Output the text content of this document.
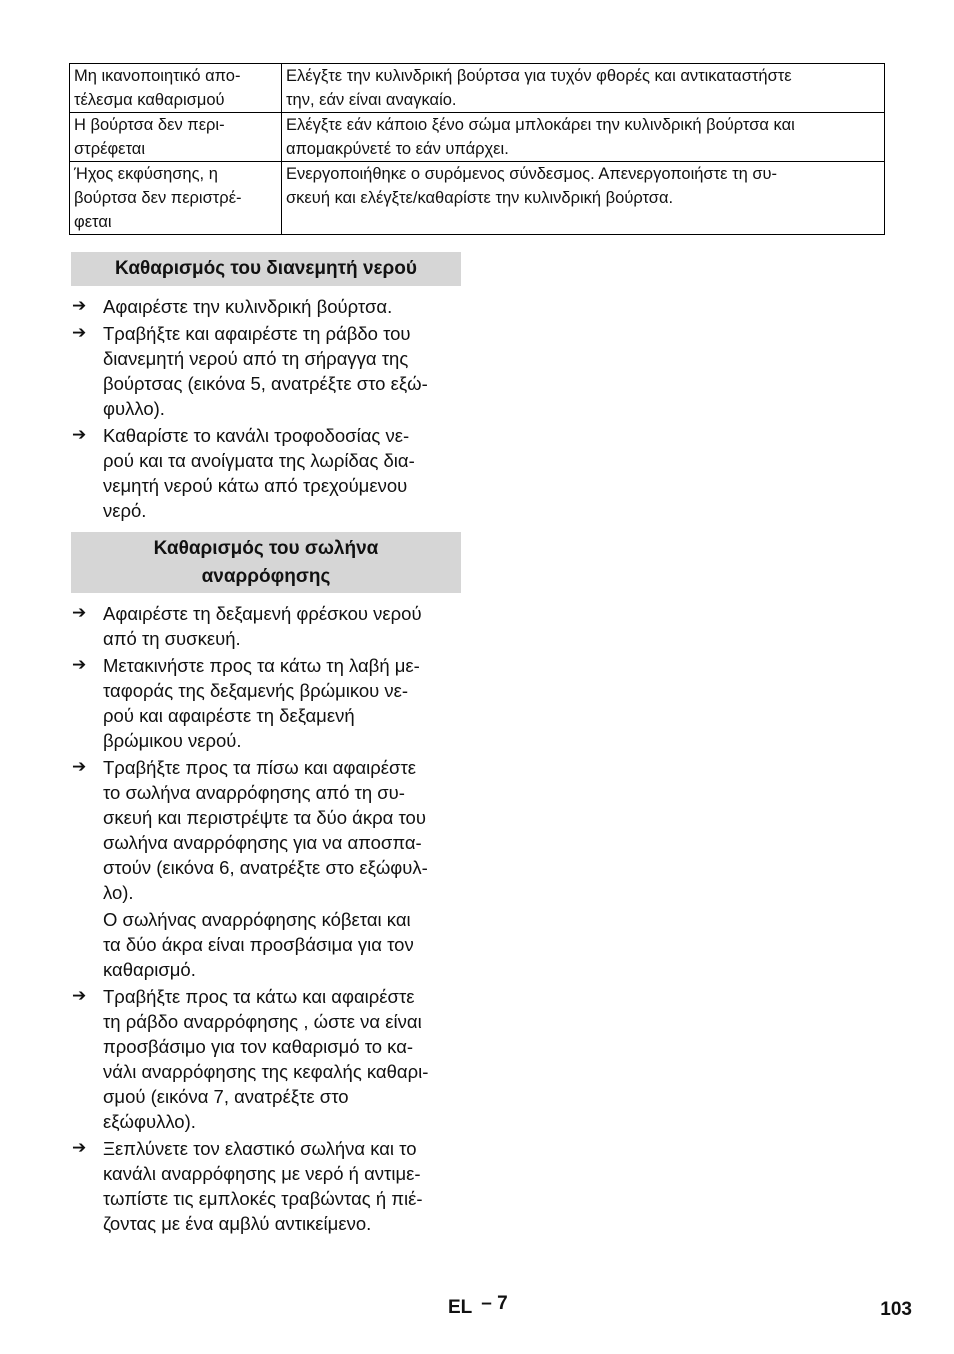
Μη ικανοποιητικό απο-
τέλεσμα καθαρισμού	Ελέγξτε την κυλινδρική βούρτσα για τυχόν φθορές και αντικαταστήστε
την, εάν είναι αναγκαίο.

Η βούρτσα δεν περι-
στρέφεται	Ελέγξτε εάν κάποιο ξένο σώμα μπλοκάρει την κυλινδρική βούρτσα και
απομακρύνετέ το εάν υπάρχει.

Ήχος εκφύσησης, η
βούρτσα δεν περιστρέ-
φεται	Ενεργοποιήθηκε ο συρόμενος σύνδεσμος. Απενεργοποιήστε τη συ-
σκευή και ελέγξτε/καθαρίστε την κυλινδρική βούρτσα.
Καθαρισμός του διανεμητή νερού
➔ Αφαιρέστε την κυλινδρική βούρτσα.
➔ Τραβήξτε και αφαιρέστε τη ράβδο του
διανεμητή νερού από τη σήραγγα της
βούρτσας (εικόνα 5, ανατρέξτε στο εξώ-
φυλλο).
➔ Καθαρίστε το κανάλι τροφοδοσίας νε-
ρού και τα ανοίγματα της λωρίδας δια-
νεμητή νερού κάτω από τρεχούμενου
νερό.
Καθαρισμός του σωλήνα
αναρρόφησης
➔ Αφαιρέστε τη δεξαμενή φρέσκου νερού
από τη συσκευή.
➔ Μετακινήστε προς τα κάτω τη λαβή με-
ταφοράς της δεξαμενής βρώμικου νε-
ρού και αφαιρέστε τη δεξαμενή
βρώμικου νερού.
➔ Τραβήξτε προς τα πίσω και αφαιρέστε
το σωλήνα αναρρόφησης από τη συ-
σκευή και περιστρέψτε τα δύο άκρα του
σωλήνα αναρρόφησης για να αποσπα-
στούν (εικόνα 6, ανατρέξτε στο εξώφυλ-
λο).
Ο σωλήνας αναρρόφησης κόβεται και
τα δύο άκρα είναι προσβάσιμα για τον
καθαρισμό.
➔ Τραβήξτε προς τα κάτω και αφαιρέστε
τη ράβδο αναρρόφησης , ώστε να είναι
προσβάσιμο για τον καθαρισμό το κα-
νάλι αναρρόφησης της κεφαλής καθαρι-
σμού (εικόνα 7, ανατρέξτε στο
εξώφυλλο).
➔ Ξεπλύνετε τον ελαστικό σωλήνα και το
κανάλι αναρρόφησης με νερό ή αντιμε-
τωπίστε τις εμπλοκές τραβώντας ή πιέ-
ζοντας με ένα αμβλύ αντικείμενο.
EL – 7	103
